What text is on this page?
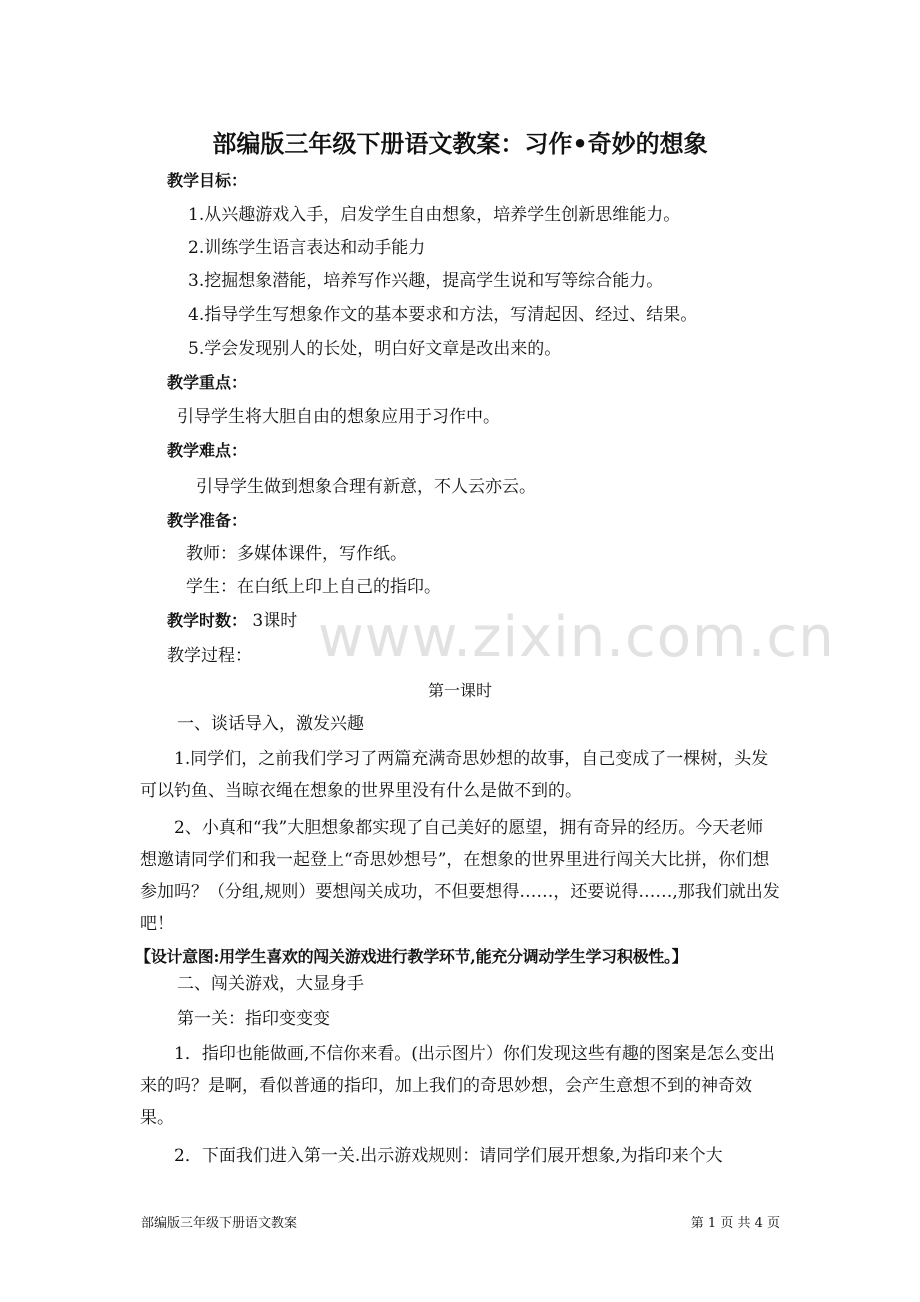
部编版三年级下册语文教案：习作•奇妙的想象
教学目标：
1.从兴趣游戏入手，启发学生自由想象，培养学生创新思维能力。
2.训练学生语言表达和动手能力
3.挖掘想象潜能，培养写作兴趣，提高学生说和写等综合能力。
4.指导学生写想象作文的基本要求和方法，写清起因、经过、结果。
5.学会发现别人的长处，明白好文章是改出来的。
教学重点：
引导学生将大胆自由的想象应用于习作中。
教学难点：
引导学生做到想象合理有新意，不人云亦云。
教学准备：
教师：多媒体课件，写作纸。
学生：在白纸上印上自己的指印。
教学时数： 3课时 www.zixin.com.cn
教学过程：
第一课时
一、谈话导入，激发兴趣
1.同学们，之前我们学习了两篇充满奇思妙想的故事，自己变成了一棵树，头发可以钓鱼、当晾衣绳在想象的世界里没有什么是做不到的。
2、小真和“我”大胆想象都实现了自己美好的愿望，拥有奇异的经历。今天老师想邀请同学们和我一起登上“奇思妙想号”，在想象的世界里进行闯关大比拼，你们想参加吗？（分组,规则）要想闯关成功，不但要想得……，还要说得……,那我们就出发吧！
【设计意图:用学生喜欢的闯关游戏进行教学环节,能充分调动学生学习积极性。】
二、闯关游戏，大显身手
第一关：指印变变变
1．指印也能做画,不信你来看。(出示图片）你们发现这些有趣的图案是怎么变出来的吗？是啊，看似普通的指印，加上我们的奇思妙想，会产生意想不到的神奇效果。
2．下面我们进入第一关.出示游戏规则：请同学们展开想象,为指印来个大
部编版三年级下册语文教案	第 1 页 共 4 页
